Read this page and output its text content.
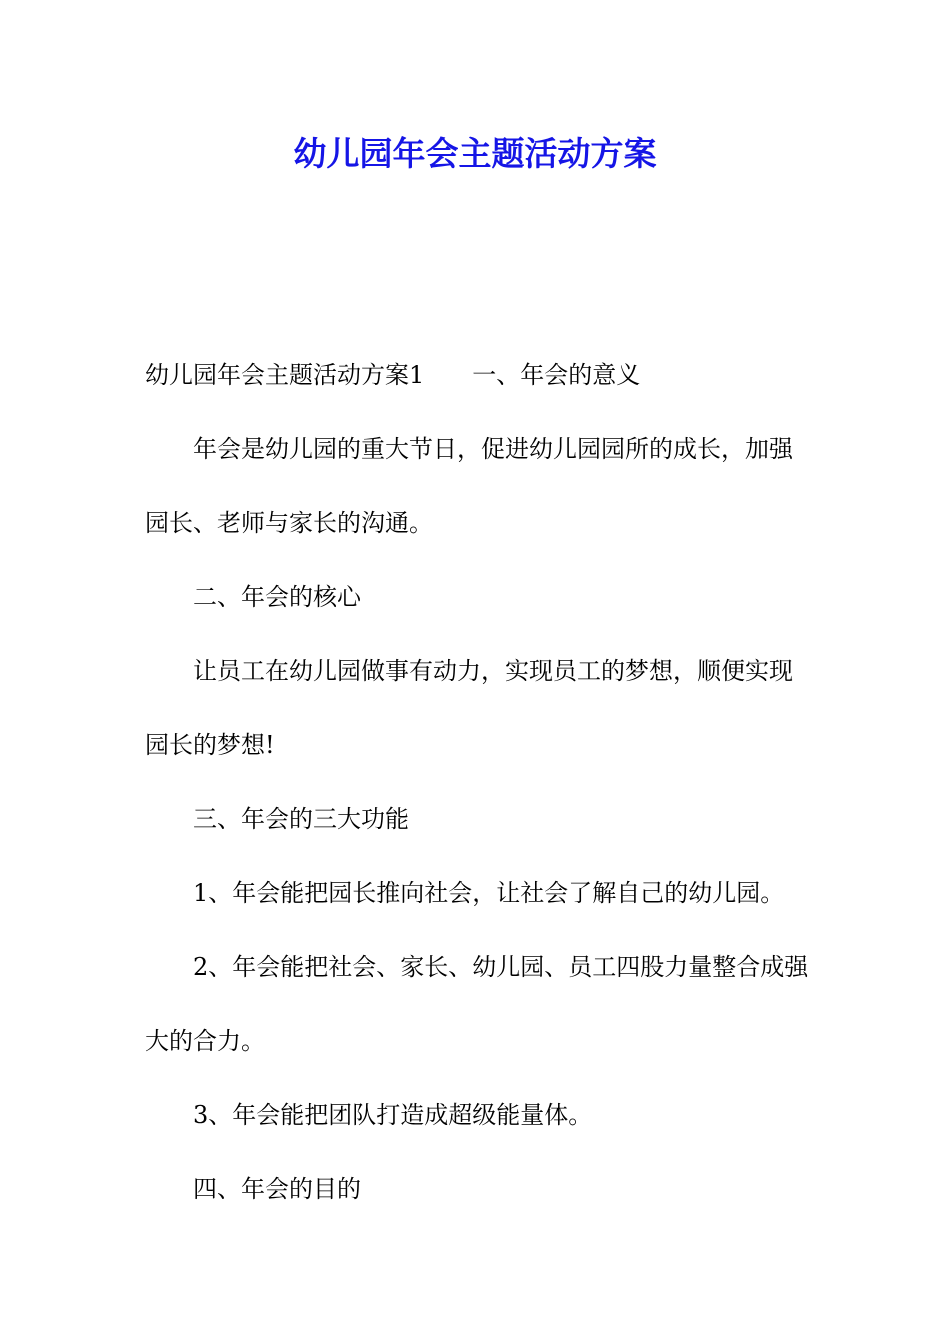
幼儿园年会主题活动方案

幼儿园年会主题活动方案1 一、年会的意义

年会是幼儿园的重大节日，促进幼儿园园所的成长，加强

园长、老师与家长的沟通。

二、年会的核心

让员工在幼儿园做事有动力，实现员工的梦想，顺便实现

园长的梦想!

三、年会的三大功能

1、年会能把园长推向社会，让社会了解自己的幼儿园。

2、年会能把社会、家长、幼儿园、员工四股力量整合成强

大的合力。

3、年会能把团队打造成超级能量体。

四、年会的目的
